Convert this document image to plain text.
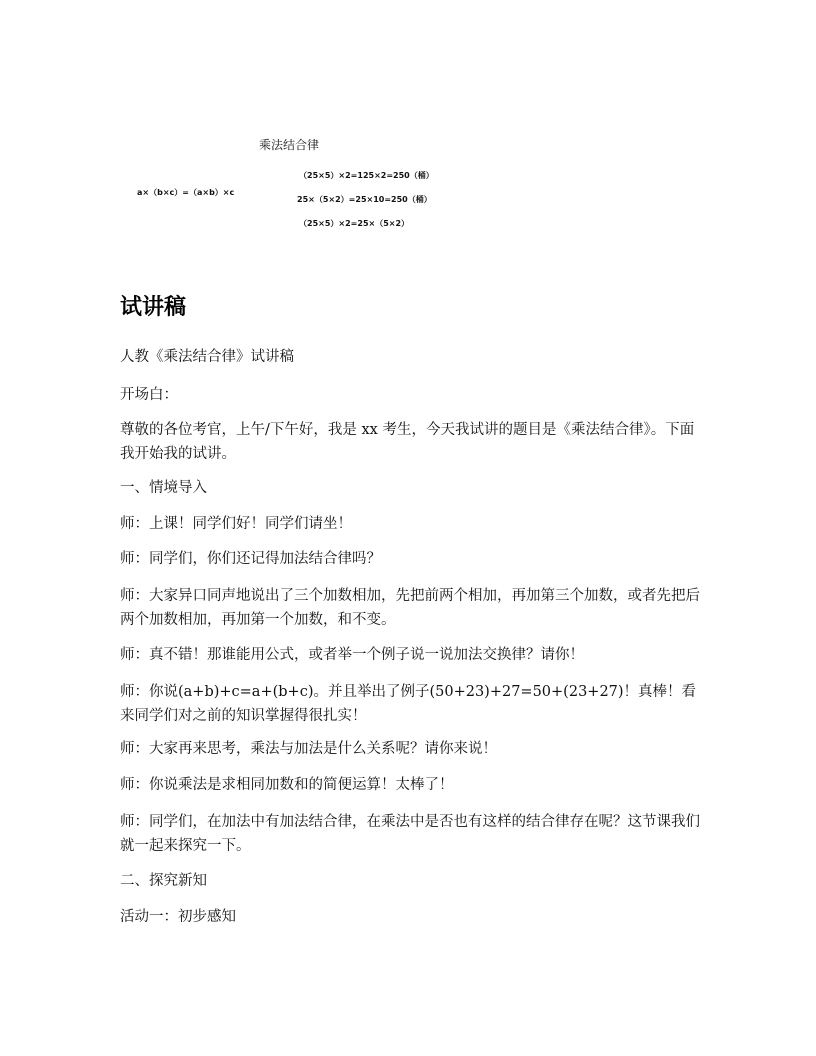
乘法结合律
a×（b×c）=（a×b）×c
（25×5）×2=125×2=250（桶）
25×（5×2）=25×10=250（桶）
（25×5）×2=25×（5×2）
试讲稿

人教《乘法结合律》试讲稿

开场白：

尊敬的各位考官，上午/下午好，我是 xx 考生，今天我试讲的题目是《乘法结合律》。下面我开始我的试讲。

一、情境导入

师：上课！同学们好！同学们请坐！

师：同学们，你们还记得加法结合律吗？

师：大家异口同声地说出了三个加数相加，先把前两个相加，再加第三个加数，或者先把后两个加数相加，再加第一个加数，和不变。

师：真不错！那谁能用公式，或者举一个例子说一说加法交换律？请你！

师：你说(a+b)+c=a+(b+c)。并且举出了例子(50+23)+27=50+(23+27)！真棒！看来同学们对之前的知识掌握得很扎实！

师：大家再来思考，乘法与加法是什么关系呢？请你来说！

师：你说乘法是求相同加数和的简便运算！太棒了！

师：同学们，在加法中有加法结合律，在乘法中是否也有这样的结合律存在呢？这节课我们就一起来探究一下。

二、探究新知

活动一：初步感知
